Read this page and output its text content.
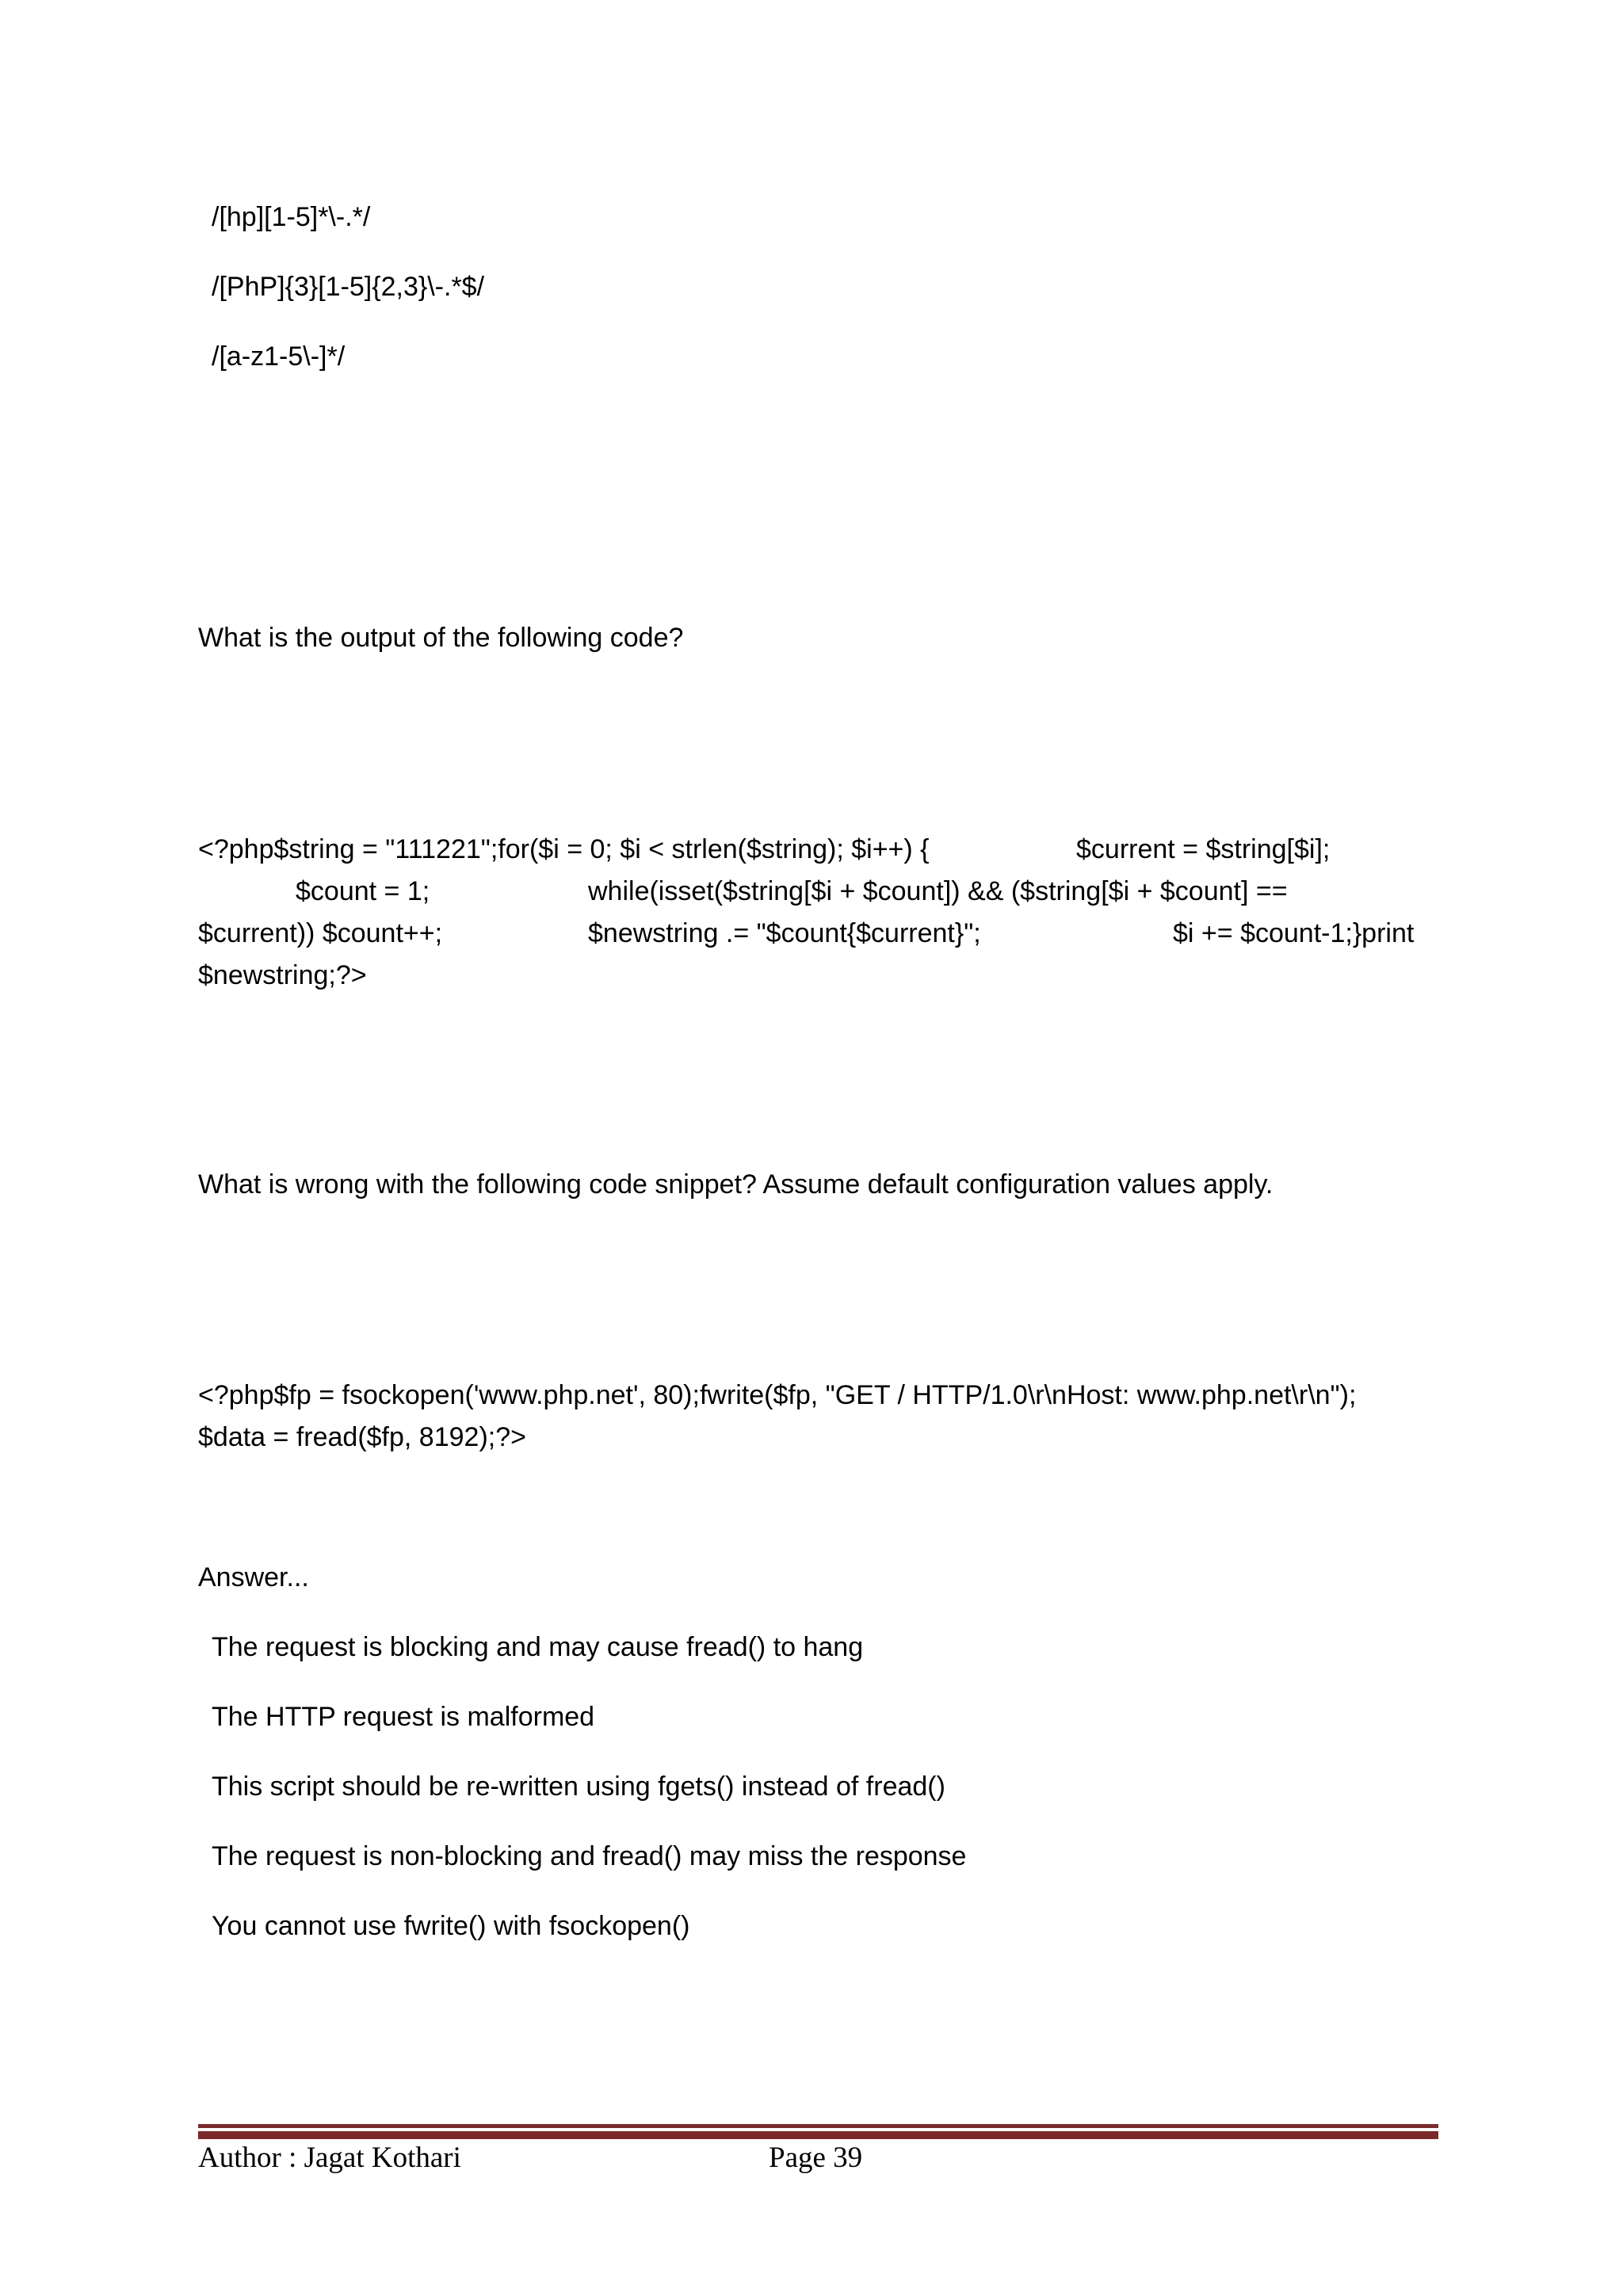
/[hp][1-5]*\-.*/

/[PhP]{3}[1-5]{2,3}\-.*$/

/[a-z1-5\-]*/

What is the output of the following code?

<?php$string = "111221";for($i = 0; $i < strlen($string); $i++) {	$current = $string[$i];
$count = 1;	while(isset($string[$i + $count]) && ($string[$i + $count] ==
$current)) $count++;	$newstring .= "$count{$current}";	$i += $count-1;}print
$newstring;?>

What is wrong with the following code snippet? Assume default configuration values apply.

<?php$fp = fsockopen('www.php.net', 80);fwrite($fp, "GET / HTTP/1.0\r\nHost: www.php.net\r\n");
$data = fread($fp, 8192);?>

Answer...

The request is blocking and may cause fread() to hang

The HTTP request is malformed

This script should be re-written using fgets() instead of fread()

The request is non-blocking and fread() may miss the response

You cannot use fwrite() with fsockopen()

Author : Jagat Kothari	Page 39
